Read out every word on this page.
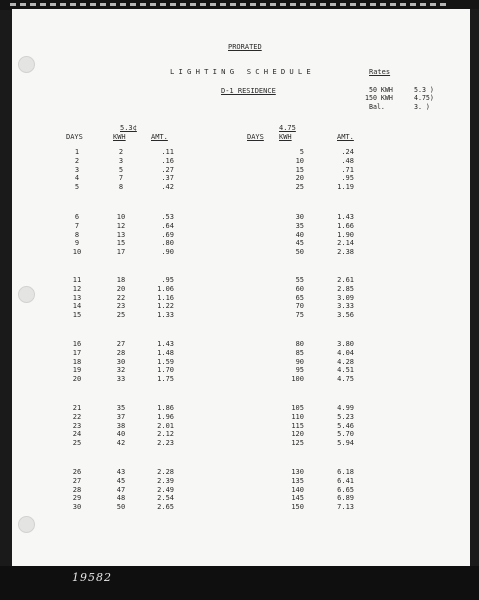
PRORATED
LIGHTING SCHEDULE
D-1 RESIDENCE
Rates
50 KWH	5.3 )
150 KWH	4.75)
Bal.	3. )
5.3¢
DAYS	KWH	AMT.
4.75
DAYS KWH	AMT.
1	2	.11
2	3	.16
3	5	.27
4	7	.37
5	8	.42
6	10	.53
7	12	.64
8	13	.69
9	15	.80
10	17	.90
11	18	.95
12	20	1.06
13	22	1.16
14	23	1.22
15	25	1.33
16	27	1.43
17	28	1.48
18	30	1.59
19	32	1.70
20	33	1.75
21	35	1.86
22	37	1.96
23	38	2.01
24	40	2.12
25	42	2.23
26	43	2.28
27	45	2.39
28	47	2.49
29	48	2.54
30	50	2.65
5	.24
10	.48
15	.71
20	.95
25	1.19
30	1.43
35	1.66
40	1.90
45	2.14
50	2.38
55	2.61
60	2.85
65	3.09
70	3.33
75	3.56
80	3.80
85	4.04
90	4.28
95	4.51
100	4.75
105	4.99
110	5.23
115	5.46
120	5.70
125	5.94
130	6.18
135	6.41
140	6.65
145	6.89
150	7.13
19582
